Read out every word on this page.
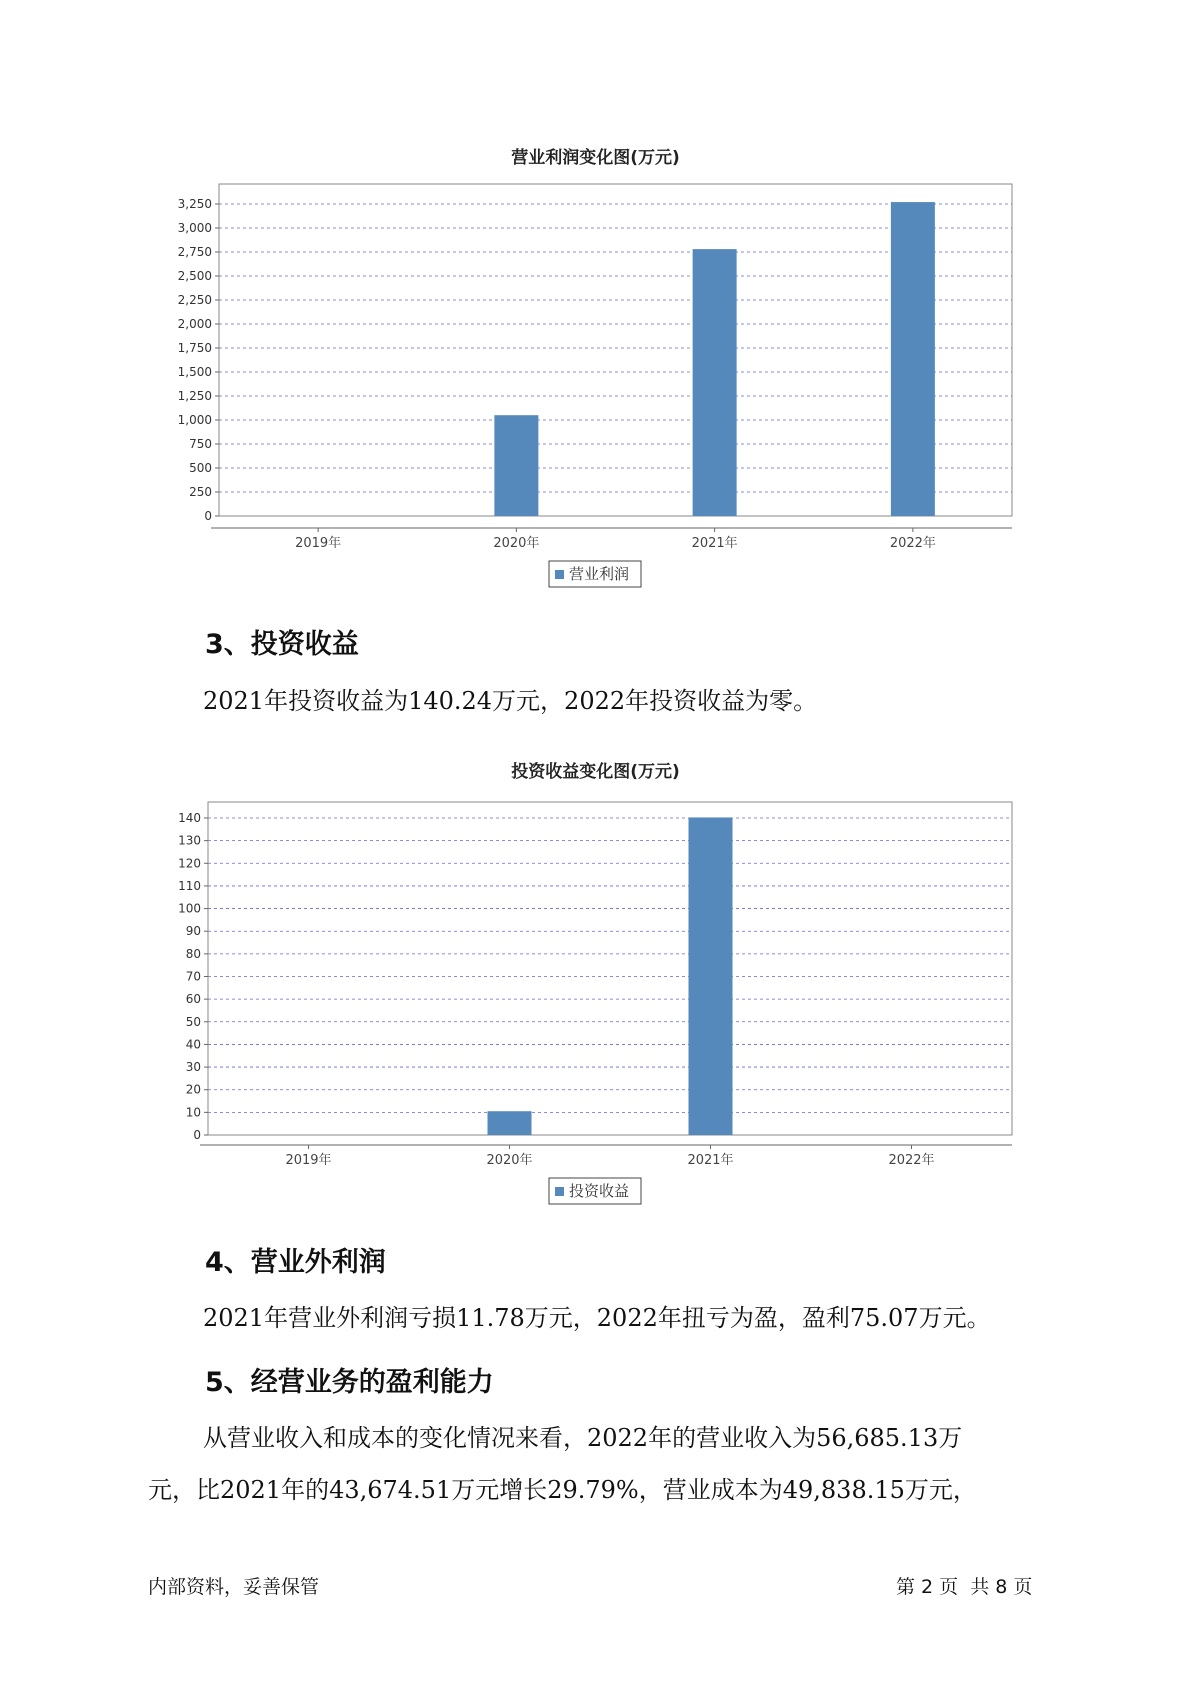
营业利润变化图(万元)
0
250
500
750
1,000
1,250
1,500
1,750
2,000
2,250
2,500
2,750
3,000
3,250
2019年	2020年	2021年	2022年
营业利润
3、投资收益
2021年投资收益为140.24万元，2022年投资收益为零。
投资收益变化图(万元)
0
10
20
30
40
50
60
70
80
90
100
110
120
130
140
2019年	2020年	2021年	2022年
投资收益
4、营业外利润
2021年营业外利润亏损11.78万元，2022年扭亏为盈，盈利75.07万元。
5、经营业务的盈利能力
从营业收入和成本的变化情况来看，2022年的营业收入为56,685.13万
元，比2021年的43,674.51万元增长29.79%，营业成本为49,838.15万元，
内部资料，妥善保管	第 2 页  共 8 页
